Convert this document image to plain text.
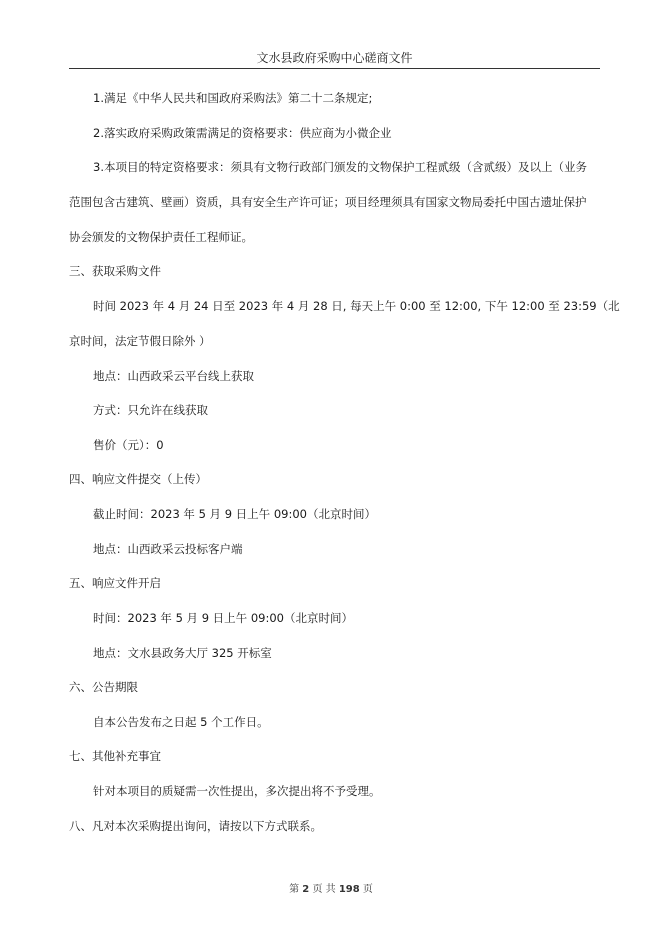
文水县政府采购中心磋商文件
1.满足《中华人民共和国政府采购法》第二十二条规定;
2.落实政府采购政策需满足的资格要求：供应商为小微企业
3.本项目的特定资格要求：须具有文物行政部门颁发的文物保护工程贰级（含贰级）及以上（业务
范围包含古建筑、壁画）资质，具有安全生产许可证；项目经理须具有国家文物局委托中国古遗址保护
协会颁发的文物保护责任工程师证。
三、获取采购文件
时间 2023 年 4 月 24 日至 2023 年 4 月 28 日, 每天上午 0:00 至 12:00, 下午 12:00 至 23:59（北
京时间，法定节假日除外 ）
地点：山西政采云平台线上获取
方式：只允许在线获取
售价（元）：0
四、响应文件提交（上传）
截止时间：2023 年 5 月 9 日上午 09:00（北京时间）
地点：山西政采云投标客户端
五、响应文件开启
时间：2023 年 5 月 9 日上午 09:00（北京时间）
地点：文水县政务大厅 325 开标室
六、公告期限
自本公告发布之日起 5 个工作日。
七、其他补充事宜
针对本项目的质疑需一次性提出，多次提出将不予受理。
八、凡对本次采购提出询问，请按以下方式联系。
第 2 页 共 198 页
